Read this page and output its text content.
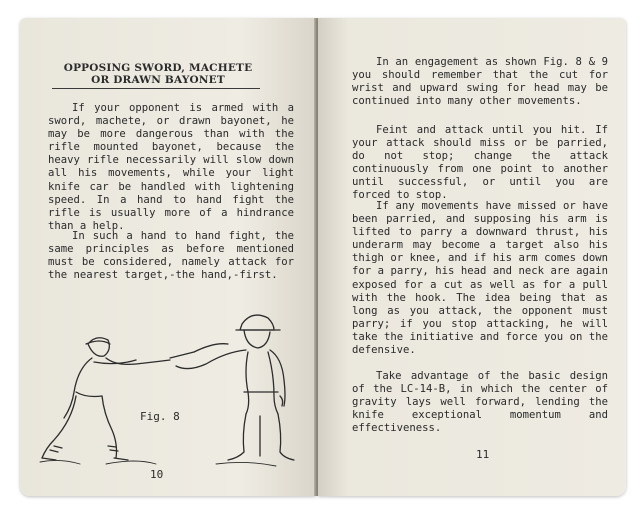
OPPOSING SWORD, MACHETE
OR DRAWN BAYONET
If your opponent is armed with a sword, machete, or drawn bayonet, he may be more dangerous than with the rifle mounted bayonet, because the heavy rifle necessarily will slow down all his movements, while your light knife car be handled with lightening speed. In a hand to hand fight the rifle is usually more of a hindrance than a help.
In such a hand to hand fight, the same principles as before mentioned must be considered, namely attack for the nearest target,-the hand,-first.
Fig. 8
10
In an engagement as shown Fig. 8 & 9 you should remember that the cut for wrist and upward swing for head may be continued into many other movements.
Feint and attack until you hit. If your attack should miss or be parried, do not stop; change the attack continuously from one point to another until successful, or until you are forced to stop.
If any movements have missed or have been parried, and supposing his arm is lifted to parry a downward thrust, his underarm may become a target also his thigh or knee, and if his arm comes down for a parry, his head and neck are again exposed for a cut as well as for a pull with the hook. The idea being that as long as you attack, the opponent must parry; if you stop attacking, he will take the initiative and force you on the defensive.
Take advantage of the basic design of the LC-14-B, in which the center of gravity lays well forward, lending the knife exceptional momentum and effectiveness.
11
